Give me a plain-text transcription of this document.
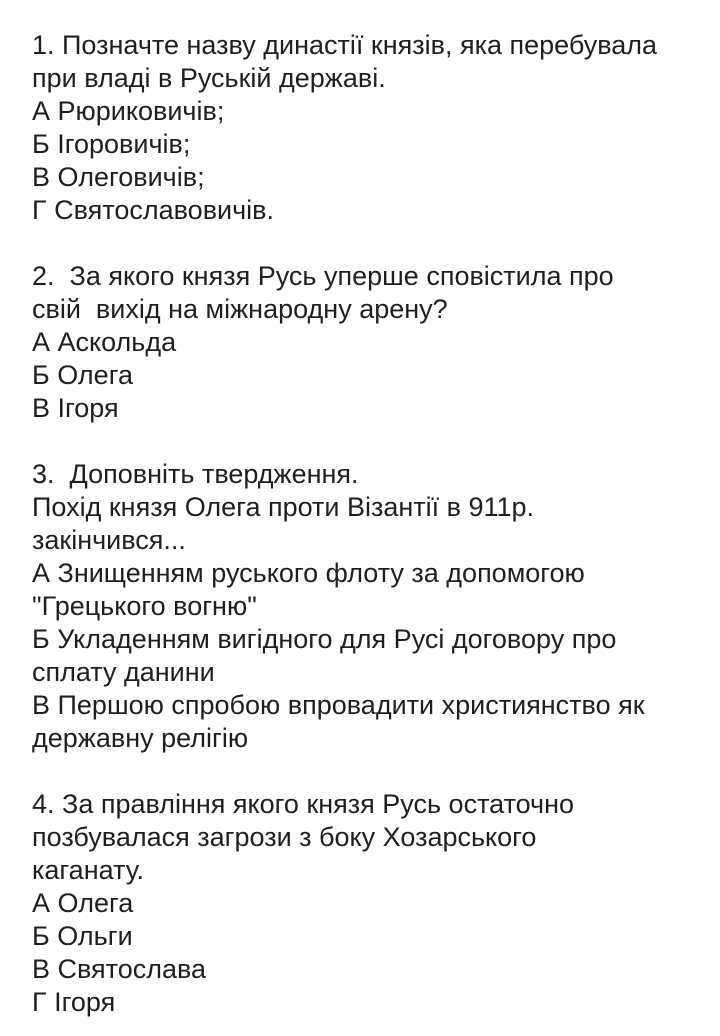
1. Позначте назву династії князів, яка перебувала
при владі в Руській державі.
А Рюриковичів;
Б Ігоровичів;
В Олеговичів;
Г Святославовичів.
2.  За якого князя Русь уперше сповістила про
свій  вихід на міжнародну арену?
А Аскольда
Б Олега
В Ігоря
3.  Доповніть твердження.
Похід князя Олега проти Візантії в 911р.
закінчився...
А Знищенням руського флоту за допомогою
"Грецького вогню"
Б Укладенням вигідного для Русі договору про
сплату данини
В Першою спробою впровадити християнство як
державну релігію
4. За правління якого князя Русь остаточно
позбувалася загрози з боку Хозарського
каганату.
А Олега
Б Ольги
В Святослава
Г Ігоря
